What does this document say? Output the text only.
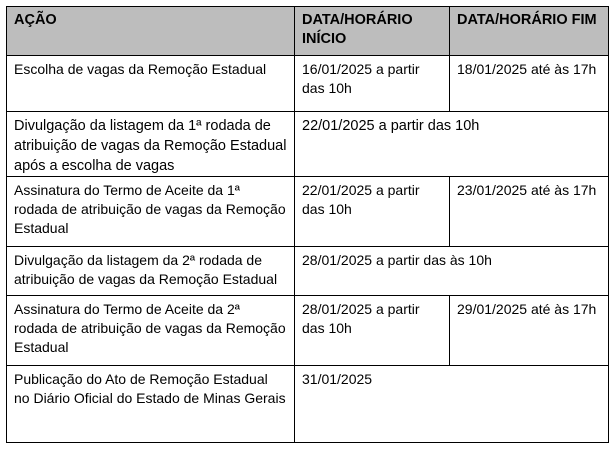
AÇÃO	DATA/HORÁRIO INÍCIO	DATA/HORÁRIO FIM
Escolha de vagas da Remoção Estadual	16/01/2025 a partir das 10h	18/01/2025 até às 17h
Divulgação da listagem da 1ª rodada de atribuição de vagas da Remoção Estadual após a escolha de vagas	22/01/2025 a partir das 10h	
Assinatura do Termo de Aceite da 1ª rodada de atribuição de vagas da Remoção Estadual	22/01/2025 a partir das 10h	23/01/2025 até às 17h
Divulgação da listagem da 2ª rodada de atribuição de vagas da Remoção Estadual	28/01/2025 a partir das às 10h	
Assinatura do Termo de Aceite da 2ª rodada de atribuição de vagas da Remoção Estadual	28/01/2025 a partir das 10h	29/01/2025 até às 17h
Publicação do Ato de Remoção Estadual no Diário Oficial do Estado de Minas Gerais	31/01/2025	
